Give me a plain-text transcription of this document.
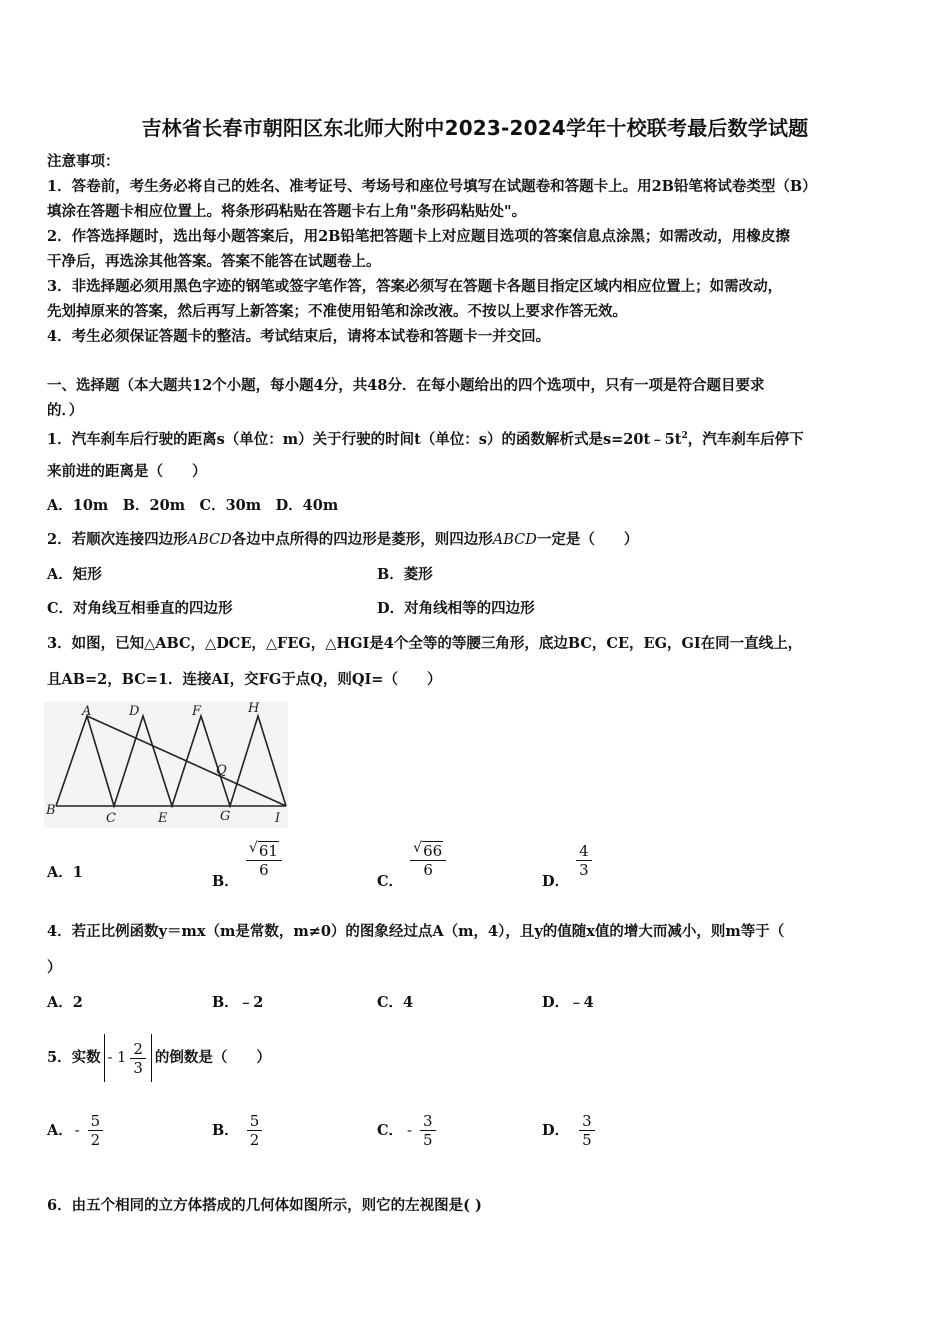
吉林省长春市朝阳区东北师大附中2023-2024学年十校联考最后数学试题
注意事项：
1．答卷前，考生务必将自己的姓名、准考证号、考场号和座位号填写在试题卷和答题卡上。用2B铅笔将试卷类型（B）
填涂在答题卡相应位置上。将条形码粘贴在答题卡右上角"条形码粘贴处"。
2．作答选择题时，选出每小题答案后，用2B铅笔把答题卡上对应题目选项的答案信息点涂黑；如需改动，用橡皮擦
干净后，再选涂其他答案。答案不能答在试题卷上。
3．非选择题必须用黑色字迹的钢笔或签字笔作答，答案必须写在答题卡各题目指定区域内相应位置上；如需改动，
先划掉原来的答案，然后再写上新答案；不准使用铅笔和涂改液。不按以上要求作答无效。
4．考生必须保证答题卡的整洁。考试结束后，请将本试卷和答题卡一并交回。
一、选择题（本大题共12个小题，每小题4分，共48分．在每小题给出的四个选项中，只有一项是符合题目要求
的．）
1．汽车刹车后行驶的距离s（单位：m）关于行驶的时间t（单位：s）的函数解析式是$s=20t﹣5t^2$，汽车刹车后停下
来前进的距离是（　　）
A．10m　B．20m　C．30m　D．40m
2．若顺次连接四边形ABCD各边中点所得的四边形是菱形，则四边形ABCD一定是（　　）
A．矩形	B．菱形
C．对角线互相垂直的四边形	D．对角线相等的四边形
3．如图，已知△ABC，△DCE，△FEG，△HGI是4个全等的等腰三角形，底边BC，CE，EG，GI在同一直线上，
且AB=2，BC=1．连接AI，交FG于点Q，则QI=（　　）
A	D	F	H
Q
B
C	E	G	I
A．1	B．
$\frac{√ 61}{6}$
C．
$\frac{√ 66}{6}$
D．
$\frac{4}{3}$
4．若正比例函数y＝mx（m是常数，m≠0）的图象经过点A（m，4），且y的值随x值的增大而减小，则m等于（
）
A．2	B．﹣2	C．4	D．﹣4
5．实数 - $1 \frac{2}{3}$ 的倒数是（　　）
A． - $\frac{5}{2}$	B． $\frac{5}{2}$	C． - $\frac{3}{5}$	D． $\frac{3}{5}$
6．由五个相同的立方体搭成的几何体如图所示，则它的左视图是( )
